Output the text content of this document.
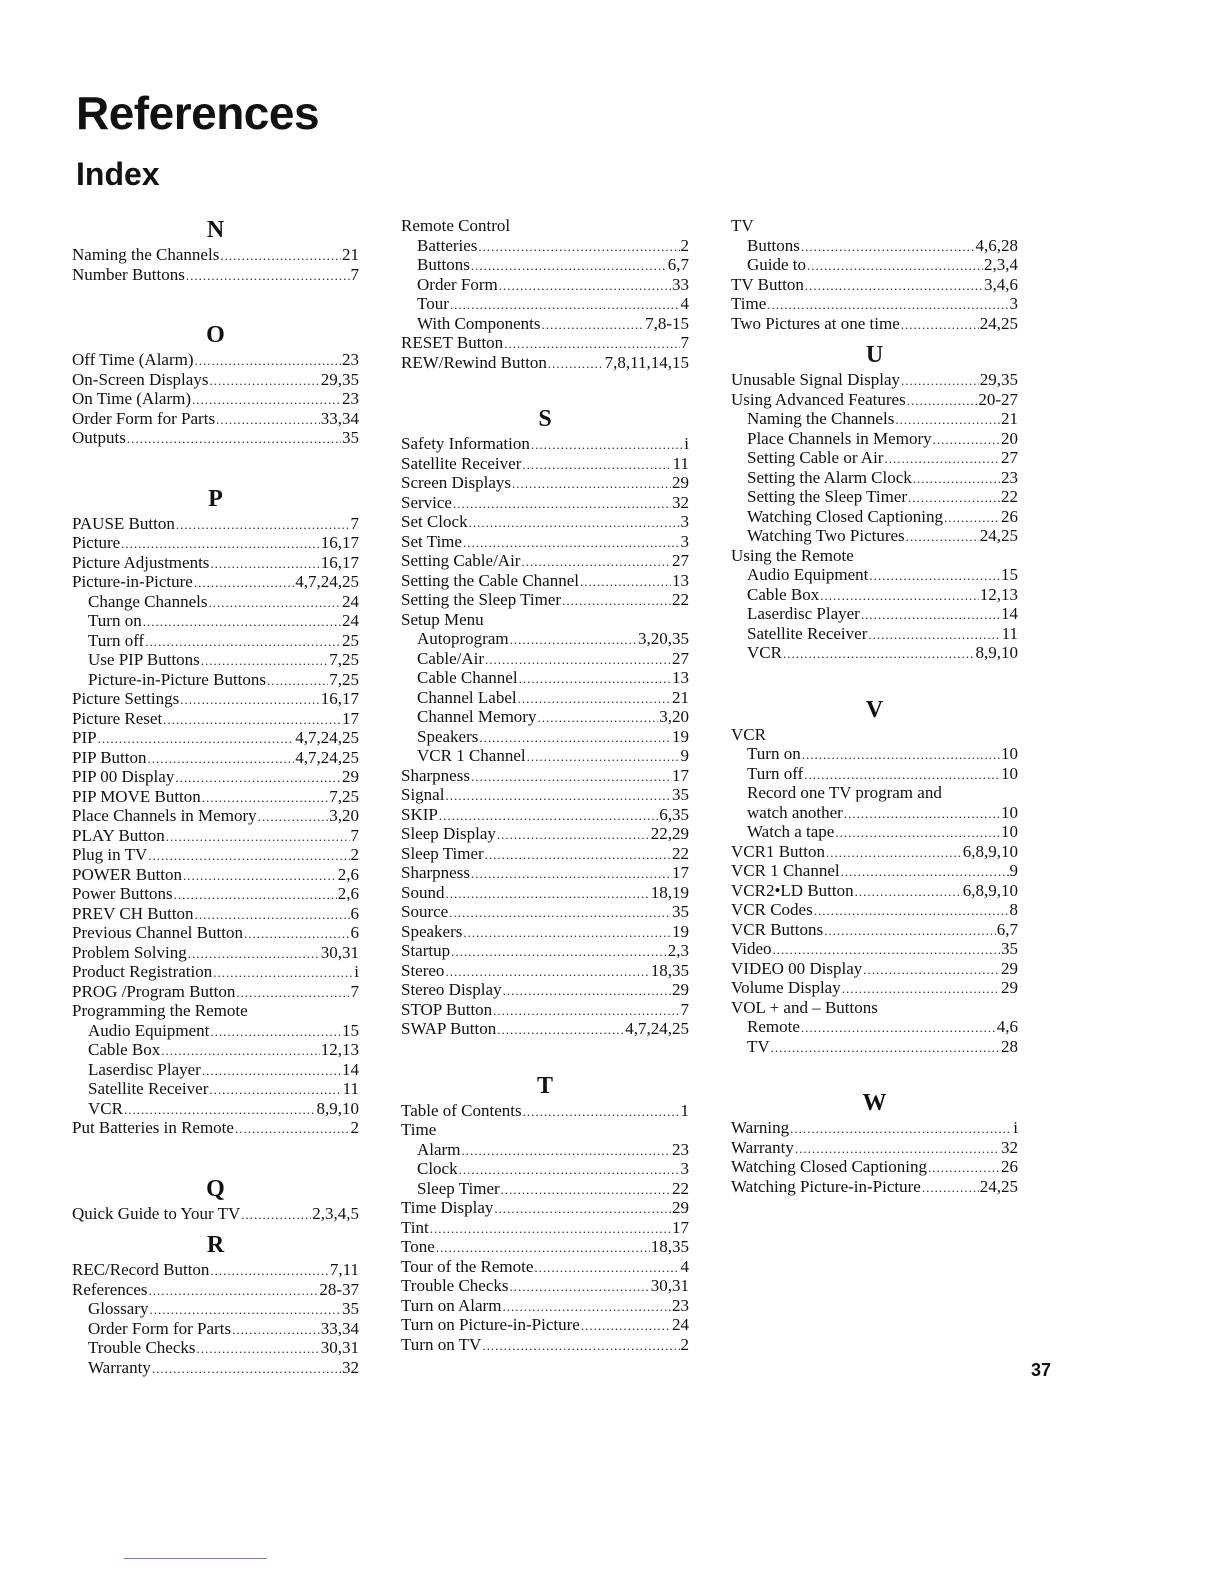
References
Index
N
Naming the Channels .....	21
Number Buttons .....	7
O
Off Time (Alarm) .....	23
On-Screen Displays .....	29,35
On Time (Alarm) .....	23
Order Form for Parts .....	33,34
Outputs .....	35
P
PAUSE Button .....	7
Picture .....	16,17
Picture Adjustments .....	16,17
Picture-in-Picture .....	4,7,24,25
Change Channels .....	24
Turn on .....	24
Turn off .....	25
Use PIP Buttons .....	7,25
Picture-in-Picture Buttons .....	7,25
Picture Settings .....	16,17
Picture Reset .....	17
PIP .....	4,7,24,25
PIP Button .....	4,7,24,25
PIP 00 Display .....	29
PIP MOVE Button .....	7,25
Place Channels in Memory .....	3,20
PLAY Button .....	7
Plug in TV .....	2
POWER Button .....	2,6
Power Buttons .....	2,6
PREV CH Button .....	6
Previous Channel Button .....	6
Problem Solving .....	30,31
Product Registration .....	i
PROG /Program Button .....	7
Programming the Remote
Audio Equipment .....	15
Cable Box .....	12,13
Laserdisc Player .....	14
Satellite Receiver .....	11
VCR .....	8,9,10
Put Batteries in Remote .....	2
Q
Quick Guide to Your TV .....	2,3,4,5
R
REC/Record Button .....	7,11
References .....	28-37
Glossary .....	35
Order Form for Parts .....	33,34
Trouble Checks .....	30,31
Warranty .....	32
Remote Control
Batteries .....	2
Buttons .....	6,7
Order Form .....	33
Tour .....	4
With Components .....	7,8-15
RESET Button .....	7
REW/Rewind Button .....	7,8,11,14,15
S
Safety Information .....	i
Satellite Receiver .....	11
Screen Displays .....	29
Service .....	32
Set Clock .....	3
Set Time .....	3
Setting Cable/Air .....	27
Setting the Cable Channel .....	13
Setting the Sleep Timer .....	22
Setup Menu
Autoprogram .....	3,20,35
Cable/Air .....	27
Cable Channel .....	13
Channel Label .....	21
Channel Memory .....	3,20
Speakers .....	19
VCR 1 Channel .....	9
Sharpness .....	17
Signal .....	35
SKIP .....	6,35
Sleep Display .....	22,29
Sleep Timer .....	22
Sharpness .....	17
Sound .....	18,19
Source .....	35
Speakers .....	19
Startup .....	2,3
Stereo .....	18,35
Stereo Display .....	29
STOP Button .....	7
SWAP Button .....	4,7,24,25
T
Table of Contents .....	1
Time
Alarm .....	23
Clock .....	3
Sleep Timer .....	22
Time Display .....	29
Tint .....	17
Tone .....	18,35
Tour of the Remote .....	4
Trouble Checks .....	30,31
Turn on Alarm .....	23
Turn on Picture-in-Picture .....	24
Turn on TV .....	2
TV
Buttons .....	4,6,28
Guide to .....	2,3,4
TV Button .....	3,4,6
Time .....	3
Two Pictures at one time .....	24,25
U
Unusable Signal Display .....	29,35
Using Advanced Features .....	20-27
Naming the Channels .....	21
Place Channels in Memory .....	20
Setting Cable or Air .....	27
Setting the Alarm Clock .....	23
Setting the Sleep Timer .....	22
Watching Closed Captioning .....	26
Watching Two Pictures .....	24,25
Using the Remote
Audio Equipment .....	15
Cable Box .....	12,13
Laserdisc Player .....	14
Satellite Receiver .....	11
VCR .....	8,9,10
V
VCR
Turn on .....	10
Turn off .....	10
Record one TV program and
watch another .....	10
Watch a tape .....	10
VCR1 Button .....	6,8,9,10
VCR 1 Channel .....	9
VCR2•LD Button .....	6,8,9,10
VCR Codes .....	8
VCR Buttons .....	6,7
Video .....	35
VIDEO 00 Display .....	29
Volume Display .....	29
VOL + and – Buttons
Remote .....	4,6
TV .....	28
W
Warning .....	i
Warranty .....	32
Watching Closed Captioning .....	26
Watching Picture-in-Picture .....	24,25
37
